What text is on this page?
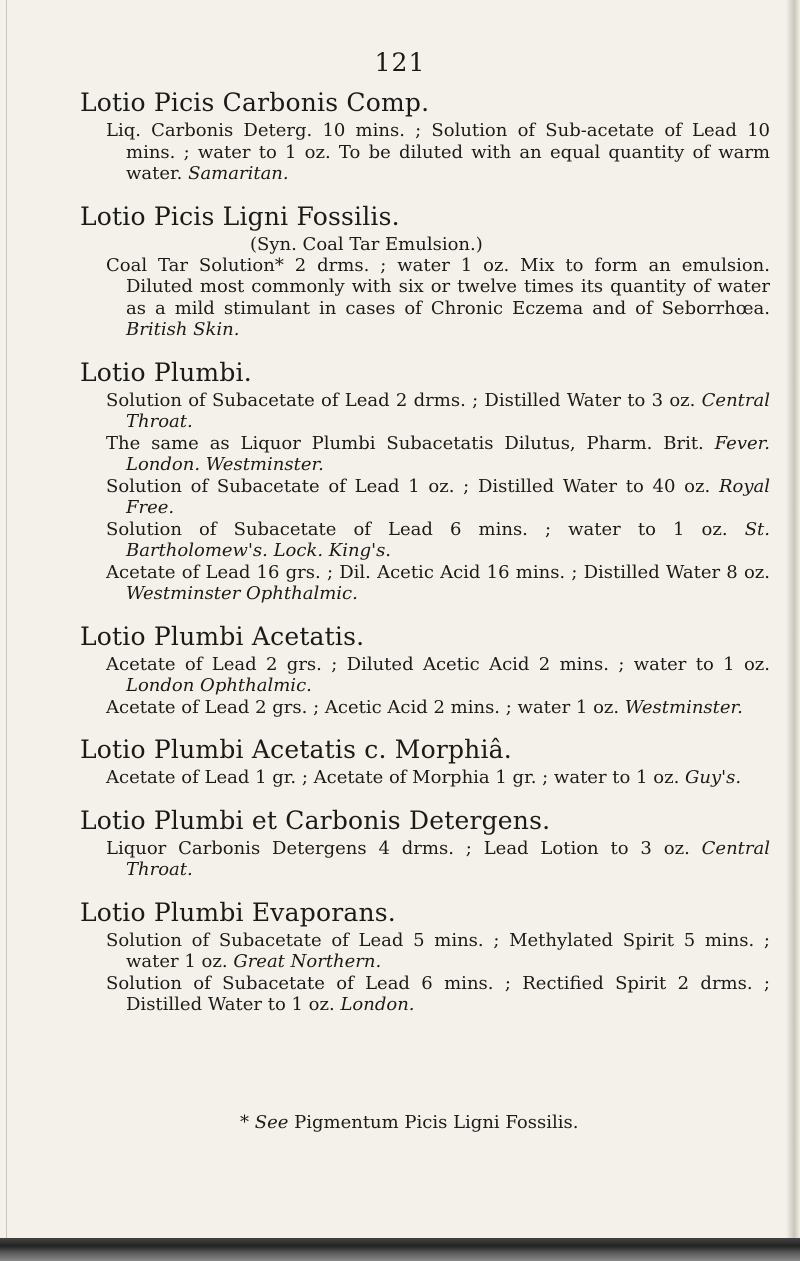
121
Lotio Picis Carbonis Comp.
Liq. Carbonis Deterg. 10 mins. ; Solution of Sub-acetate of Lead 10 mins. ; water to 1 oz. To be diluted with an equal quantity of warm water. Samaritan.
Lotio Picis Ligni Fossilis.
(Syn. Coal Tar Emulsion.)
Coal Tar Solution* 2 drms. ; water 1 oz. Mix to form an emulsion. Diluted most commonly with six or twelve times its quantity of water as a mild stimulant in cases of Chronic Eczema and of Seborrhœa. British Skin.
Lotio Plumbi.
Solution of Subacetate of Lead 2 drms. ; Distilled Water to 3 oz. Central Throat.
The same as Liquor Plumbi Subacetatis Dilutus, Pharm. Brit. Fever. London. Westminster.
Solution of Subacetate of Lead 1 oz. ; Distilled Water to 40 oz. Royal Free.
Solution of Subacetate of Lead 6 mins. ; water to 1 oz. St. Bartholomew's. Lock. King's.
Acetate of Lead 16 grs. ; Dil. Acetic Acid 16 mins. ; Distilled Water 8 oz. Westminster Ophthalmic.
Lotio Plumbi Acetatis.
Acetate of Lead 2 grs. ; Diluted Acetic Acid 2 mins. ; water to 1 oz. London Ophthalmic.
Acetate of Lead 2 grs. ; Acetic Acid 2 mins. ; water 1 oz. Westminster.
Lotio Plumbi Acetatis c. Morphiâ.
Acetate of Lead 1 gr. ; Acetate of Morphia 1 gr. ; water to 1 oz. Guy's.
Lotio Plumbi et Carbonis Detergens.
Liquor Carbonis Detergens 4 drms. ; Lead Lotion to 3 oz. Central Throat.
Lotio Plumbi Evaporans.
Solution of Subacetate of Lead 5 mins. ; Methylated Spirit 5 mins. ; water 1 oz. Great Northern.
Solution of Subacetate of Lead 6 mins. ; Rectified Spirit 2 drms. ; Distilled Water to 1 oz. London.
* See Pigmentum Picis Ligni Fossilis.
